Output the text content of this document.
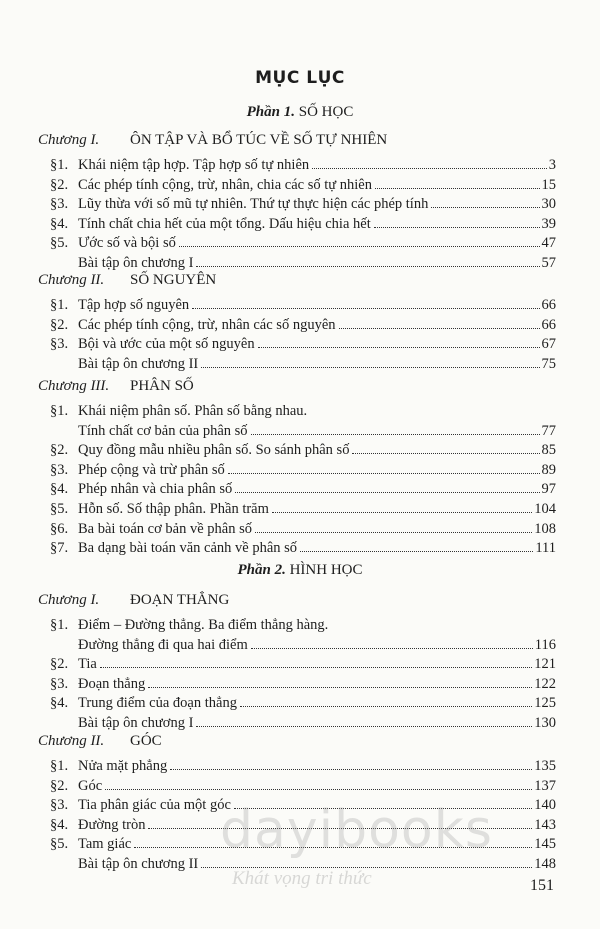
MỤC LỤC
Phần 1. SỐ HỌC
Chương I. ÔN TẬP VÀ BỔ TÚC VỀ SỐ TỰ NHIÊN
§1. Khái niệm tập hợp. Tập hợp số tự nhiên	3
§2. Các phép tính cộng, trừ, nhân, chia các số tự nhiên	15
§3. Lũy thừa với số mũ tự nhiên. Thứ tự thực hiện các phép tính	30
§4. Tính chất chia hết của một tổng. Dấu hiệu chia hết	39
§5. Ước số và bội số	47
Bài tập ôn chương I	57
Chương II. SỐ NGUYÊN
§1. Tập hợp số nguyên	66
§2. Các phép tính cộng, trừ, nhân các số nguyên	66
§3. Bội và ước của một số nguyên	67
Bài tập ôn chương II	75
Chương III. PHÂN SỐ
§1. Khái niệm phân số. Phân số bằng nhau.
Tính chất cơ bản của phân số	77
§2. Quy đồng mẫu nhiều phân số. So sánh phân số	85
§3. Phép cộng và trừ phân số	89
§4. Phép nhân và chia phân số	97
§5. Hỗn số. Số thập phân. Phần trăm	104
§6. Ba bài toán cơ bản về phân số	108
§7. Ba dạng bài toán văn cảnh về phân số	111
Phần 2. HÌNH HỌC
Chương I. ĐOẠN THẲNG
§1. Điểm – Đường thẳng. Ba điểm thẳng hàng.
Đường thẳng đi qua hai điểm	116
§2. Tia	121
§3. Đoạn thẳng	122
§4. Trung điểm của đoạn thẳng	125
Bài tập ôn chương I	130
Chương II. GÓC
§1. Nửa mặt phẳng	135
§2. Góc	137
§3. Tia phân giác của một góc	140
§4. Đường tròn	143
§5. Tam giác	145
Bài tập ôn chương II	148
dayibooks
Khát vọng tri thức	151
